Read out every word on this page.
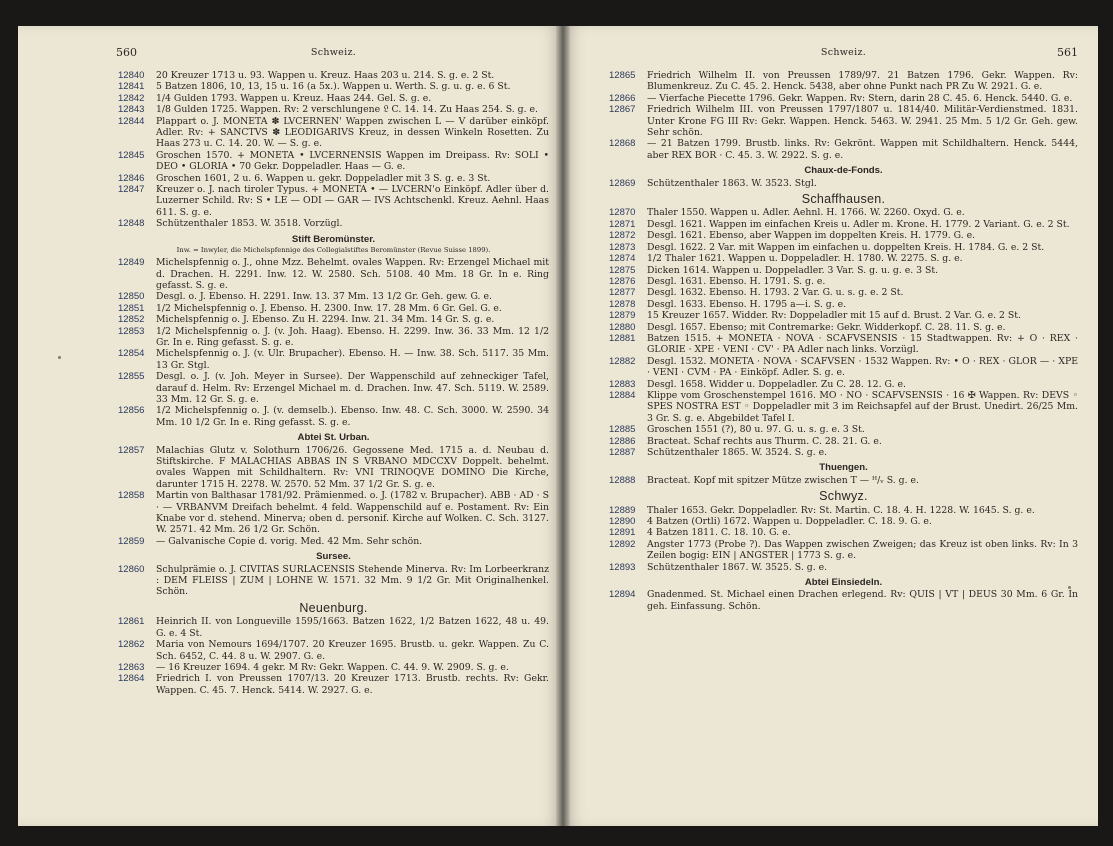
560	Schweiz.
12840	20 Kreuzer 1713 u. 93. Wappen u. Kreuz. Haas 203 u. 214. S. g. e. 2 St.
12841	5 Batzen 1806, 10, 13, 15 u. 16 (a 5x.). Wappen u. Werth. S. g. u. g. e. 6 St.
12842	1/4 Gulden 1793. Wappen u. Kreuz. Haas 244. Gel. S. g. e.
12843	1/8 Gulden 1725. Wappen. Rv: 2 verschlungene 𝔏 C. 14. 14. Zu Haas 254. S. g. e.
12844	Plappart o. J. MONETA ✽ LVCERNEN' Wappen zwischen L — V darüber einköpf. Adler. Rv: + SANCTVS ✽ LEODIGARIVS Kreuz, in dessen Winkeln Rosetten. Zu Haas 273 u. C. 14. 20. W. — S. g. e.
12845	Groschen 1570. + MONETA • LVCERNENSIS Wappen im Dreipass. Rv: SOLI • DEO • GLORIA • 70 Gekr. Doppeladler. Haas — G. e.
12846	Groschen 1601, 2 u. 6. Wappen u. gekr. Doppeladler mit 3 S. g. e. 3 St.
12847	Kreuzer o. J. nach tiroler Typus. + MONETA • — LVCERN'o Einköpf. Adler über d. Luzerner Schild. Rv: S • LE — ODI — GAR — IVS Achtschenkl. Kreuz. Aehnl. Haas 611. S. g. e.
12848	Schützenthaler 1853. W. 3518. Vorzügl.
Stift Beromünster.
Inw. = Inwyler, die Michelspfennige des Collegialstiftes Beromünster (Revue Suisse 1899).
12849	Michelspfennig o. J., ohne Mzz. Behelmt. ovales Wappen. Rv: Erzengel Michael mit d. Drachen. H. 2291. Inw. 12. W. 2580. Sch. 5108. 40 Mm. 18 Gr. In e. Ring gefasst. S. g. e.
12850	Desgl. o. J. Ebenso. H. 2291. Inw. 13. 37 Mm. 13 1/2 Gr. Geh. gew. G. e.
12851	1/2 Michelspfennig o. J. Ebenso. H. 2300. Inw. 17. 28 Mm. 6 Gr. Gel. G. e.
12852	Michelspfennig o. J. Ebenso. Zu H. 2294. Inw. 21. 34 Mm. 14 Gr. S. g. e.
12853	1/2 Michelspfennig o. J. (v. Joh. Haag). Ebenso. H. 2299. Inw. 36. 33 Mm. 12 1/2 Gr. In e. Ring gefasst. S. g. e.
12854	Michelspfennig o. J. (v. Ulr. Brupacher). Ebenso. H. — Inw. 38. Sch. 5117. 35 Mm. 13 Gr. Stgl.
12855	Desgl. o. J. (v. Joh. Meyer in Sursee). Der Wappenschild auf zehneckiger Tafel, darauf d. Helm. Rv: Erzengel Michael m. d. Drachen. Inw. 47. Sch. 5119. W. 2589. 33 Mm. 12 Gr. S. g. e.
12856	1/2 Michelspfennig o. J. (v. demselb.). Ebenso. Inw. 48. C. Sch. 3000. W. 2590. 34 Mm. 10 1/2 Gr. In e. Ring gefasst. S. g. e.
Abtei St. Urban.
12857	Malachias Glutz v. Solothurn 1706/26. Gegossene Med. 1715 a. d. Neubau d. Stiftskirche. F MALACHIAS ABBAS IN S VRBANO MDCCXV Doppelt. behelmt. ovales Wappen mit Schildhaltern. Rv: VNI TRINOQVE DOMINO Die Kirche, darunter 1715 H. 2278. W. 2570. 52 Mm. 37 1/2 Gr. S. g. e.
12858	Martin von Balthasar 1781/92. Prämienmed. o. J. (1782 v. Brupacher). ABB · AD · S · — VRBANVM Dreifach behelmt. 4 feld. Wappenschild auf e. Postament. Rv: Ein Knabe vor d. stehend. Minerva; oben d. personif. Kirche auf Wolken. C. Sch. 3127. W. 2571. 42 Mm. 26 1/2 Gr. Schön.
12859	— Galvanische Copie d. vorig. Med. 42 Mm. Sehr schön.
Sursee.
12860	Schulprämie o. J. CIVITAS SURLACENSIS Stehende Minerva. Rv: Im Lorbeerkranz : DEM FLEISS | ZUM | LOHNE W. 1571. 32 Mm. 9 1/2 Gr. Mit Originalhenkel. Schön.
Neuenburg.
12861	Heinrich II. von Longueville 1595/1663. Batzen 1622, 1/2 Batzen 1622, 48 u. 49. G. e. 4 St.
12862	Maria von Nemours 1694/1707. 20 Kreuzer 1695. Brustb. u. gekr. Wappen. Zu C. Sch. 6452, C. 44. 8 u. W. 2907. G. e.
12863	— 16 Kreuzer 1694. 4 gekr. M Rv: Gekr. Wappen. C. 44. 9. W. 2909. S. g. e.
12864	Friedrich I. von Preussen 1707/13. 20 Kreuzer 1713. Brustb. rechts. Rv: Gekr. Wappen. C. 45. 7. Henck. 5414. W. 2927. G. e.
Schweiz.	561
12865	Friedrich Wilhelm II. von Preussen 1789/97. 21 Batzen 1796. Gekr. Wappen. Rv: Blumenkreuz. Zu C. 45. 2. Henck. 5438, aber ohne Punkt nach PR Zu W. 2921. G. e.
12866	— Vierfache Piecette 1796. Gekr. Wappen. Rv: Stern, darin 28 C. 45. 6. Henck. 5440. G. e.
12867	Friedrich Wilhelm III. von Preussen 1797/1807 u. 1814/40. Militär-Verdienstmed. 1831. Unter Krone FG III Rv: Gekr. Wappen. Henck. 5463. W. 2941. 25 Mm. 5 1/2 Gr. Geh. gew. Sehr schön.
12868	— 21 Batzen 1799. Brustb. links. Rv: Gekrönt. Wappen mit Schildhaltern. Henck. 5444, aber REX BOR · C. 45. 3. W. 2922. S. g. e.
Chaux-de-Fonds.
12869	Schützenthaler 1863. W. 3523. Stgl.
Schaffhausen.
12870	Thaler 1550. Wappen u. Adler. Aehnl. H. 1766. W. 2260. Oxyd. G. e.
12871	Desgl. 1621. Wappen im einfachen Kreis u. Adler m. Krone. H. 1779. 2 Variant. G. e. 2 St.
12872	Desgl. 1621. Ebenso, aber Wappen im doppelten Kreis. H. 1779. G. e.
12873	Desgl. 1622. 2 Var. mit Wappen im einfachen u. doppelten Kreis. H. 1784. G. e. 2 St.
12874	1/2 Thaler 1621. Wappen u. Doppeladler. H. 1780. W. 2275. S. g. e.
12875	Dicken 1614. Wappen u. Doppeladler. 3 Var. S. g. u. g. e. 3 St.
12876	Desgl. 1631. Ebenso. H. 1791. S. g. e.
12877	Desgl. 1632. Ebenso. H. 1793. 2 Var. G. u. s. g. e. 2 St.
12878	Desgl. 1633. Ebenso. H. 1795 a—i. S. g. e.
12879	15 Kreuzer 1657. Widder. Rv: Doppeladler mit 15 auf d. Brust. 2 Var. G. e. 2 St.
12880	Desgl. 1657. Ebenso; mit Contremarke: Gekr. Widderkopf. C. 28. 11. S. g. e.
12881	Batzen 1515. + MONETA · NOVA · SCAFVSENSIS · 15 Stadtwappen. Rv: + O · REX · GLORIE · XPE · VENI · CV' · PA Adler nach links. Vorzügl.
12882	Desgl. 1532. MONETA · NOVA · SCAFVSEN · 1532 Wappen. Rv: • O · REX · GLOR — · XPE · VENI · CVM · PA · Einköpf. Adler. S. g. e.
12883	Desgl. 1658. Widder u. Doppeladler. Zu C. 28. 12. G. e.
12884	Klippe vom Groschenstempel 1616. MO · NO · SCAFVSENSIS · 16 ✠ Wappen. Rv: DEVS ◦ SPES NOSTRA EST ◦ Doppeladler mit 3 im Reichsapfel auf der Brust. Unedirt. 26/25 Mm. 3 Gr. S. g. e. Abgebildet Tafel I.
12885	Groschen 1551 (?), 80 u. 97. G. u. s. g. e. 3 St.
12886	Bracteat. Schaf rechts aus Thurm. C. 28. 21. G. e.
12887	Schützenthaler 1865. W. 3524. S. g. e.
Thuengen.
12888	Bracteat. Kopf mit spitzer Mütze zwischen T — ᴴ/ᵥ S. g. e.
Schwyz.
12889	Thaler 1653. Gekr. Doppeladler. Rv: St. Martin. C. 18. 4. H. 1228. W. 1645. S. g. e.
12890	4 Batzen (Ortli) 1672. Wappen u. Doppeladler. C. 18. 9. G. e.
12891	4 Batzen 1811. C. 18. 10. G. e.
12892	Angster 1773 (Probe ?). Das Wappen zwischen Zweigen; das Kreuz ist oben links. Rv: In 3 Zeilen bogig: EIN | ANGSTER | 1773 S. g. e.
12893	Schützenthaler 1867. W. 3525. S. g. e.
Abtei Einsiedeln.
12894	Gnadenmed. St. Michael einen Drachen erlegend. Rv: QUIS | VT | DEUS 30 Mm. 6 Gr. In geh. Einfassung. Schön.
